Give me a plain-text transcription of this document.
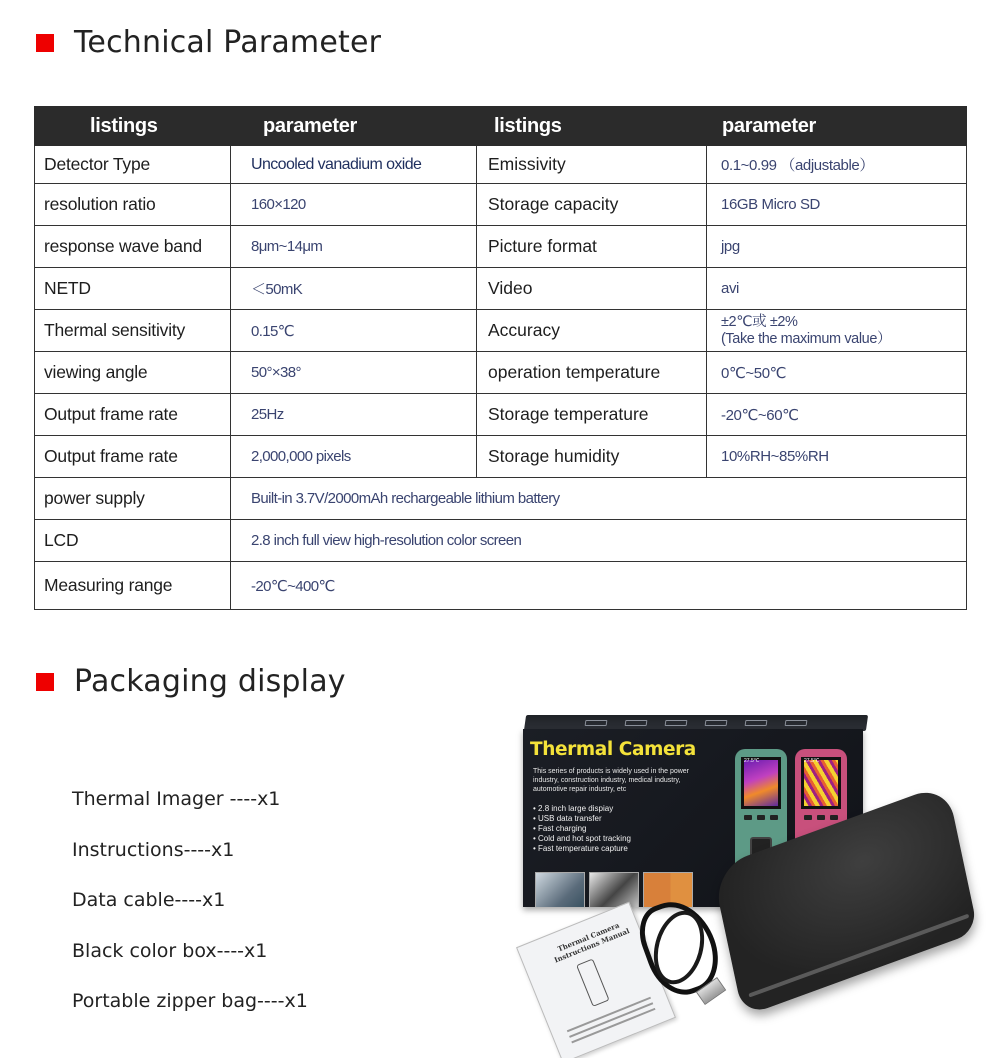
Technical Parameter
listings	parameter	listings	parameter
Detector Type	Uncooled vanadium oxide	Emissivity	0.1~0.99 （adjustable）
resolution ratio	160×120	Storage capacity	16GB Micro SD
response wave band	8μm~14μm	Picture format	jpg
NETD	＜50mK	Video	avi
Thermal sensitivity	0.15℃	Accuracy	±2℃或 ±2%
(Take the maximum value）

viewing angle	50°×38°	operation temperature	0℃~50℃
Output frame rate	25Hz	Storage temperature	-20℃~60℃
Output frame rate	2,000,000 pixels	Storage humidity	10%RH~85%RH
power supply	Built-in 3.7V/2000mAh rechargeable lithium battery		
LCD	2.8 inch full view high-resolution color screen		
Measuring range	-20℃~400℃		
Packaging display
Thermal Imager ----x1
Instructions----x1
Data cable----x1
Black color box----x1
Portable zipper bag----x1
Thermal Camera
This series of products is widely used in the power industry, construction industry, medical industry, automotive repair industry, etc
• 2.8 inch large dispiay
• USB data transfer
• Fast charging
• Cold and hot spot tracking
• Fast temperature capture
27.5℃	27.5℃
Thermal Camera Instructions Manual
